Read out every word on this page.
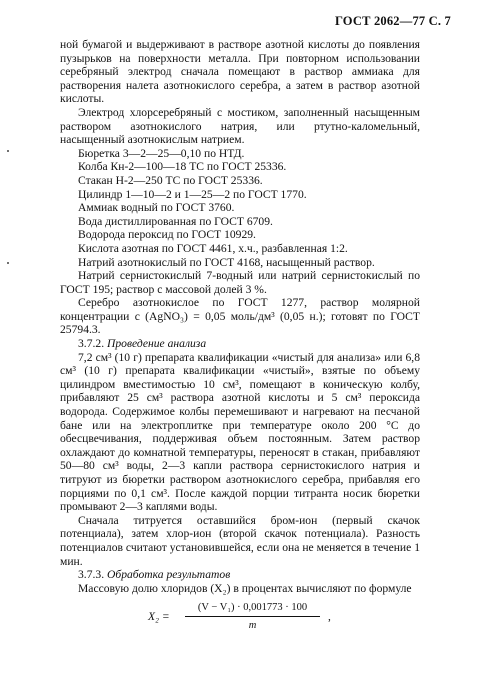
ГОСТ 2062—77 С. 7

ной бумагой и выдерживают в растворе азотной кислоты до появления пузырьков на поверхности металла. При повторном использовании серебряный электрод сначала помещают в раствор аммиака для растворения налета азотнокислого серебра, а затем в раствор азотной кислоты.

Электрод хлорсеребряный с мостиком, заполненный насыщенным раствором азотнокислого натрия, или ртутно-каломельный, насыщенный азотнокислым натрием.

Бюретка 3—2—25—0,10 по НТД.

Колба Кн-2—100—18 ТС по ГОСТ 25336.

Стакан Н-2—250 ТС по ГОСТ 25336.

Цилиндр 1—10—2 и 1—25—2 по ГОСТ 1770.

Аммиак водный по ГОСТ 3760.

Вода дистиллированная по ГОСТ 6709.

Водорода пероксид по ГОСТ 10929.

Кислота азотная по ГОСТ 4461, х.ч., разбавленная 1:2.

Натрий азотнокислый по ГОСТ 4168, насыщенный раствор.

Натрий сернистокислый 7-водный или натрий сернистокислый по ГОСТ 195; раствор с массовой долей 3 %.

Серебро азотнокислое по ГОСТ 1277, раствор молярной концентрации c (AgNO₃) = 0,05 моль/дм³ (0,05 н.); готовят по ГОСТ 25794.3.

3.7.2. Проведение анализа

7,2 см³ (10 г) препарата квалификации «чистый для анализа» или 6,8 см³ (10 г) препарата квалификации «чистый», взятые по объему цилиндром вместимостью 10 см³, помещают в коническую колбу, прибавляют 25 см³ раствора азотной кислоты и 5 см³ пероксида водорода. Содержимое колбы перемешивают и нагревают на песчаной бане или на электроплитке при температуре около 200 °С до обесцвечивания, поддерживая объем постоянным. Затем раствор охлаждают до комнатной температуры, переносят в стакан, прибавляют 50—80 см³ воды, 2—3 капли раствора сернистокислого натрия и титруют из бюретки раствором азотнокислого серебра, прибавляя его порциями по 0,1 см³. После каждой порции титранта носик бюретки промывают 2—3 каплями воды.

Сначала титруется оставшийся бром-ион (первый скачок потенциала), затем хлор-ион (второй скачок потенциала). Разность потенциалов считают установившейся, если она не меняется в течение 1 мин.

3.7.3. Обработка результатов

Массовую долю хлоридов (X₂) в процентах вычисляют по формуле

X₂ =
(V − V₁) · 0,001773 · 100
m
,
